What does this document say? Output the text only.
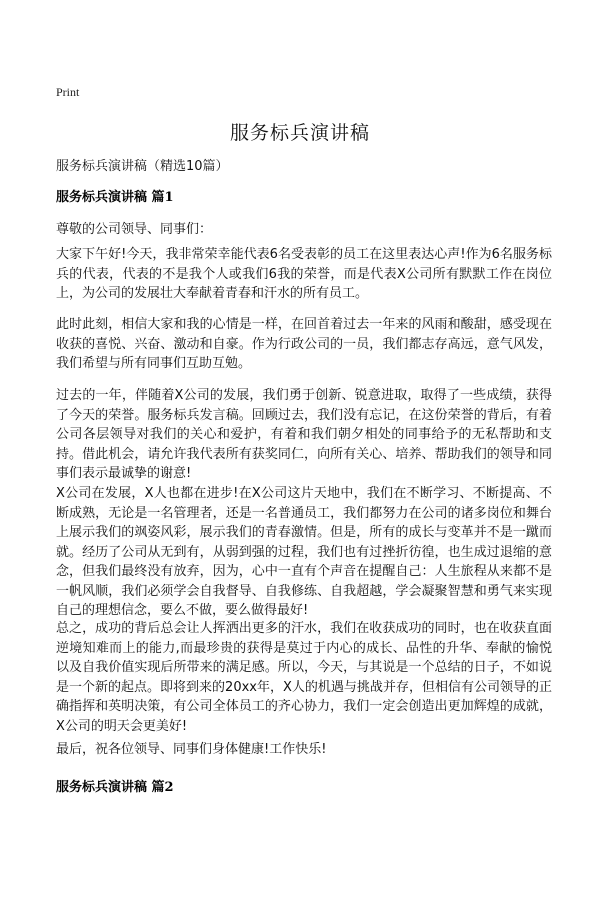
Print
服务标兵演讲稿
服务标兵演讲稿（精选10篇）
服务标兵演讲稿 篇1
尊敬的公司领导、同事们：

大家下午好!今天，我非常荣幸能代表6名受表彰的员工在这里表达心声!作为6名服务标兵的代表，代表的不是我个人或我们6我的荣誉，而是代表X公司所有默默工作在岗位上，为公司的发展壮大奉献着青春和汗水的所有员工。

此时此刻，相信大家和我的心情是一样，在回首着过去一年来的风雨和酸甜，感受现在收获的喜悦、兴奋、激动和自豪。作为行政公司的一员，我们都志存高远，意气风发，我们希望与所有同事们互助互勉。

过去的一年，伴随着X公司的发展，我们勇于创新、锐意进取，取得了一些成绩，获得了今天的荣誉。服务标兵发言稿。回顾过去，我们没有忘记，在这份荣誉的背后，有着公司各层领导对我们的关心和爱护，有着和我们朝夕相处的同事给予的无私帮助和支持。借此机会，请允许我代表所有获奖同仁，向所有关心、培养、帮助我们的领导和同事们表示最诚挚的谢意!

X公司在发展，X人也都在进步!在X公司这片天地中，我们在不断学习、不断提高、不断成熟，无论是一名管理者，还是一名普通员工，我们都努力在公司的诸多岗位和舞台上展示我们的飒姿风彩，展示我们的青春激情。但是，所有的成长与变革并不是一蹴而就。经历了公司从无到有，从弱到强的过程，我们也有过挫折彷徨，也生成过退缩的意念，但我们最终没有放弃，因为，心中一直有个声音在提醒自己：人生旅程从来都不是一帆风顺，我们必须学会自我督导、自我修练、自我超越，学会凝聚智慧和勇气来实现自己的理想信念，要么不做，要么做得最好!

总之，成功的背后总会让人挥洒出更多的汗水，我们在收获成功的同时，也在收获直面逆境知难而上的能力,而最珍贵的获得是莫过于内心的成长、品性的升华、奉献的愉悦以及自我价值实现后所带来的满足感。所以，今天，与其说是一个总结的日子，不如说是一个新的起点。即将到来的20xx年，X人的机遇与挑战并存，但相信有公司领导的正确指挥和英明决策，有公司全体员工的齐心协力，我们一定会创造出更加辉煌的成就，X公司的明天会更美好!

最后，祝各位领导、同事们身体健康!工作快乐!

服务标兵演讲稿 篇2
